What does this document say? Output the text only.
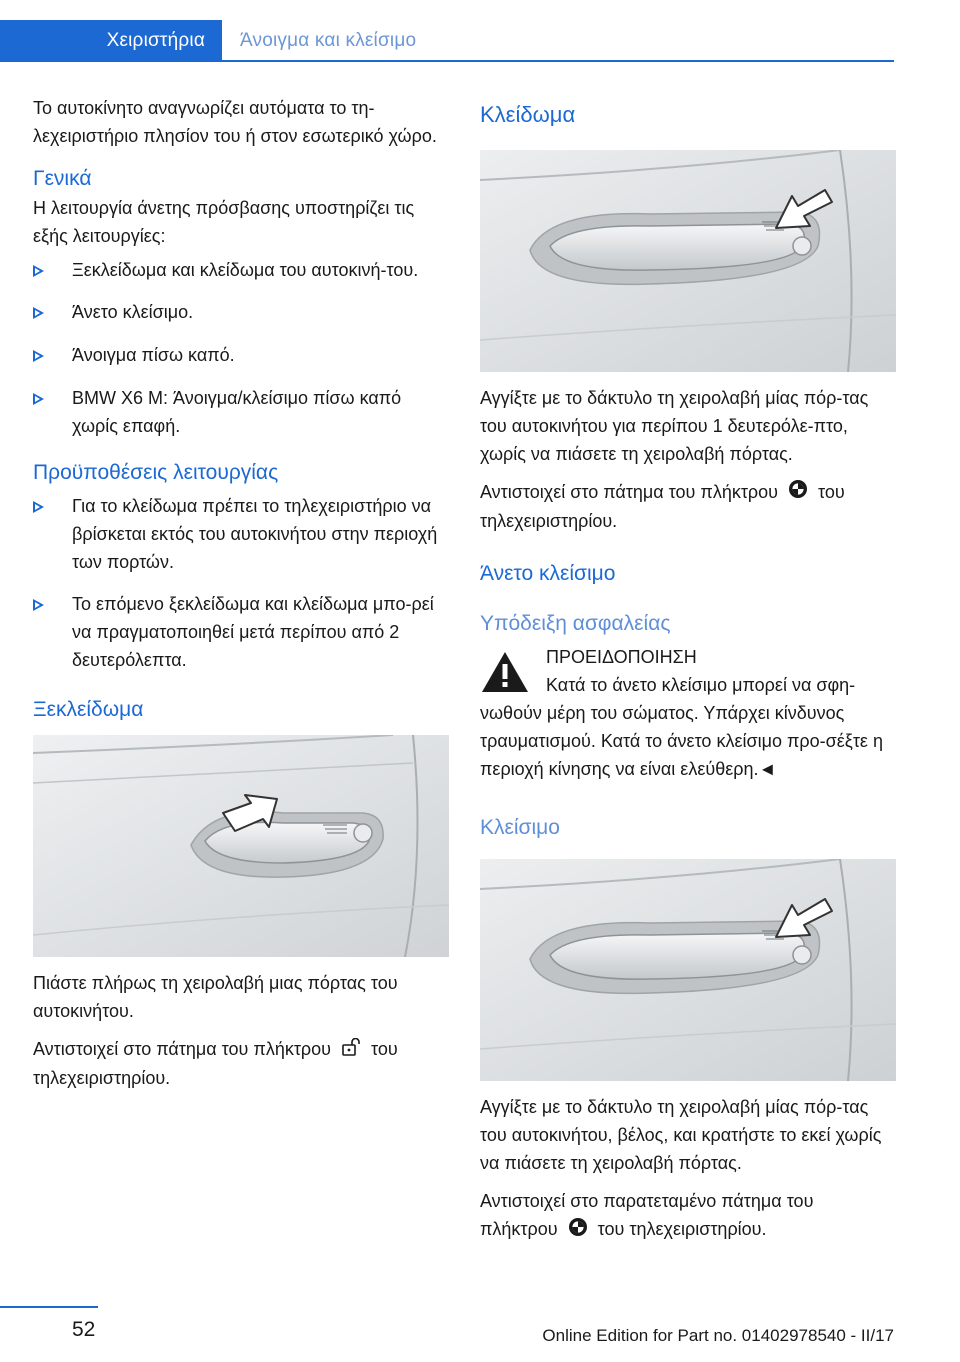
Χειριστήρια Άνοιγμα και κλείσιμο

Το αυτοκίνητο αναγνωρίζει αυτόματα το τη-λεχειριστήριο πλησίον του ή στον εσωτερικό χώρο.

Γενικά

Η λειτουργία άνετης πρόσβασης υποστηρίζει τις εξής λειτουργίες:

Ξεκλείδωμα και κλείδωμα του αυτοκινή-του.
Άνετο κλείσιμο.
Άνοιγμα πίσω καπό.
BMW X6 M: Άνοιγμα/κλείσιμο πίσω καπό χωρίς επαφή.
Προϋποθέσεις λειτουργίας
Για το κλείδωμα πρέπει το τηλεχειριστήριο να βρίσκεται εκτός του αυτοκινήτου στην περιοχή των πορτών.
Το επόμενο ξεκλείδωμα και κλείδωμα μπο-ρεί να πραγματοποιηθεί μετά περίπου από 2 δευτερόλεπτα.
Ξεκλείδωμα

Πιάστε πλήρως τη χειρολαβή μιας πόρτας του αυτοκινήτου.

Αντιστοιχεί στο πάτημα του πλήκτρου του τηλεχειριστηρίου.

Κλείδωμα

Αγγίξτε με το δάκτυλο τη χειρολαβή μίας πόρ-τας του αυτοκινήτου για περίπου 1 δευτερόλε-πτο, χωρίς να πιάσετε τη χειρολαβή πόρτας.

Αντιστοιχεί στο πάτημα του πλήκτρου του τηλεχειριστηρίου.

Άνετο κλείσιμο
Υπόδειξη ασφαλείας

ΠΡΟΕΙΔΟΠΟΙΗΣΗ

Κατά το άνετο κλείσιμο μπορεί να σφη-

νωθούν μέρη του σώματος. Υπάρχει κίνδυνος τραυματισμού. Κατά το άνετο κλείσιμο προ-σέξτε η περιοχή κίνησης να είναι ελεύθερη.◄

Κλείσιμο

Αγγίξτε με το δάκτυλο τη χειρολαβή μίας πόρ-τας του αυτοκινήτου, βέλος, και κρατήστε το εκεί χωρίς να πιάσετε τη χειρολαβή πόρτας.

Αντιστοιχεί στο παρατεταμένο πάτημα του πλήκτρου του τηλεχειριστηρίου.

52	Online Edition for Part no. 01402978540 - II/17
